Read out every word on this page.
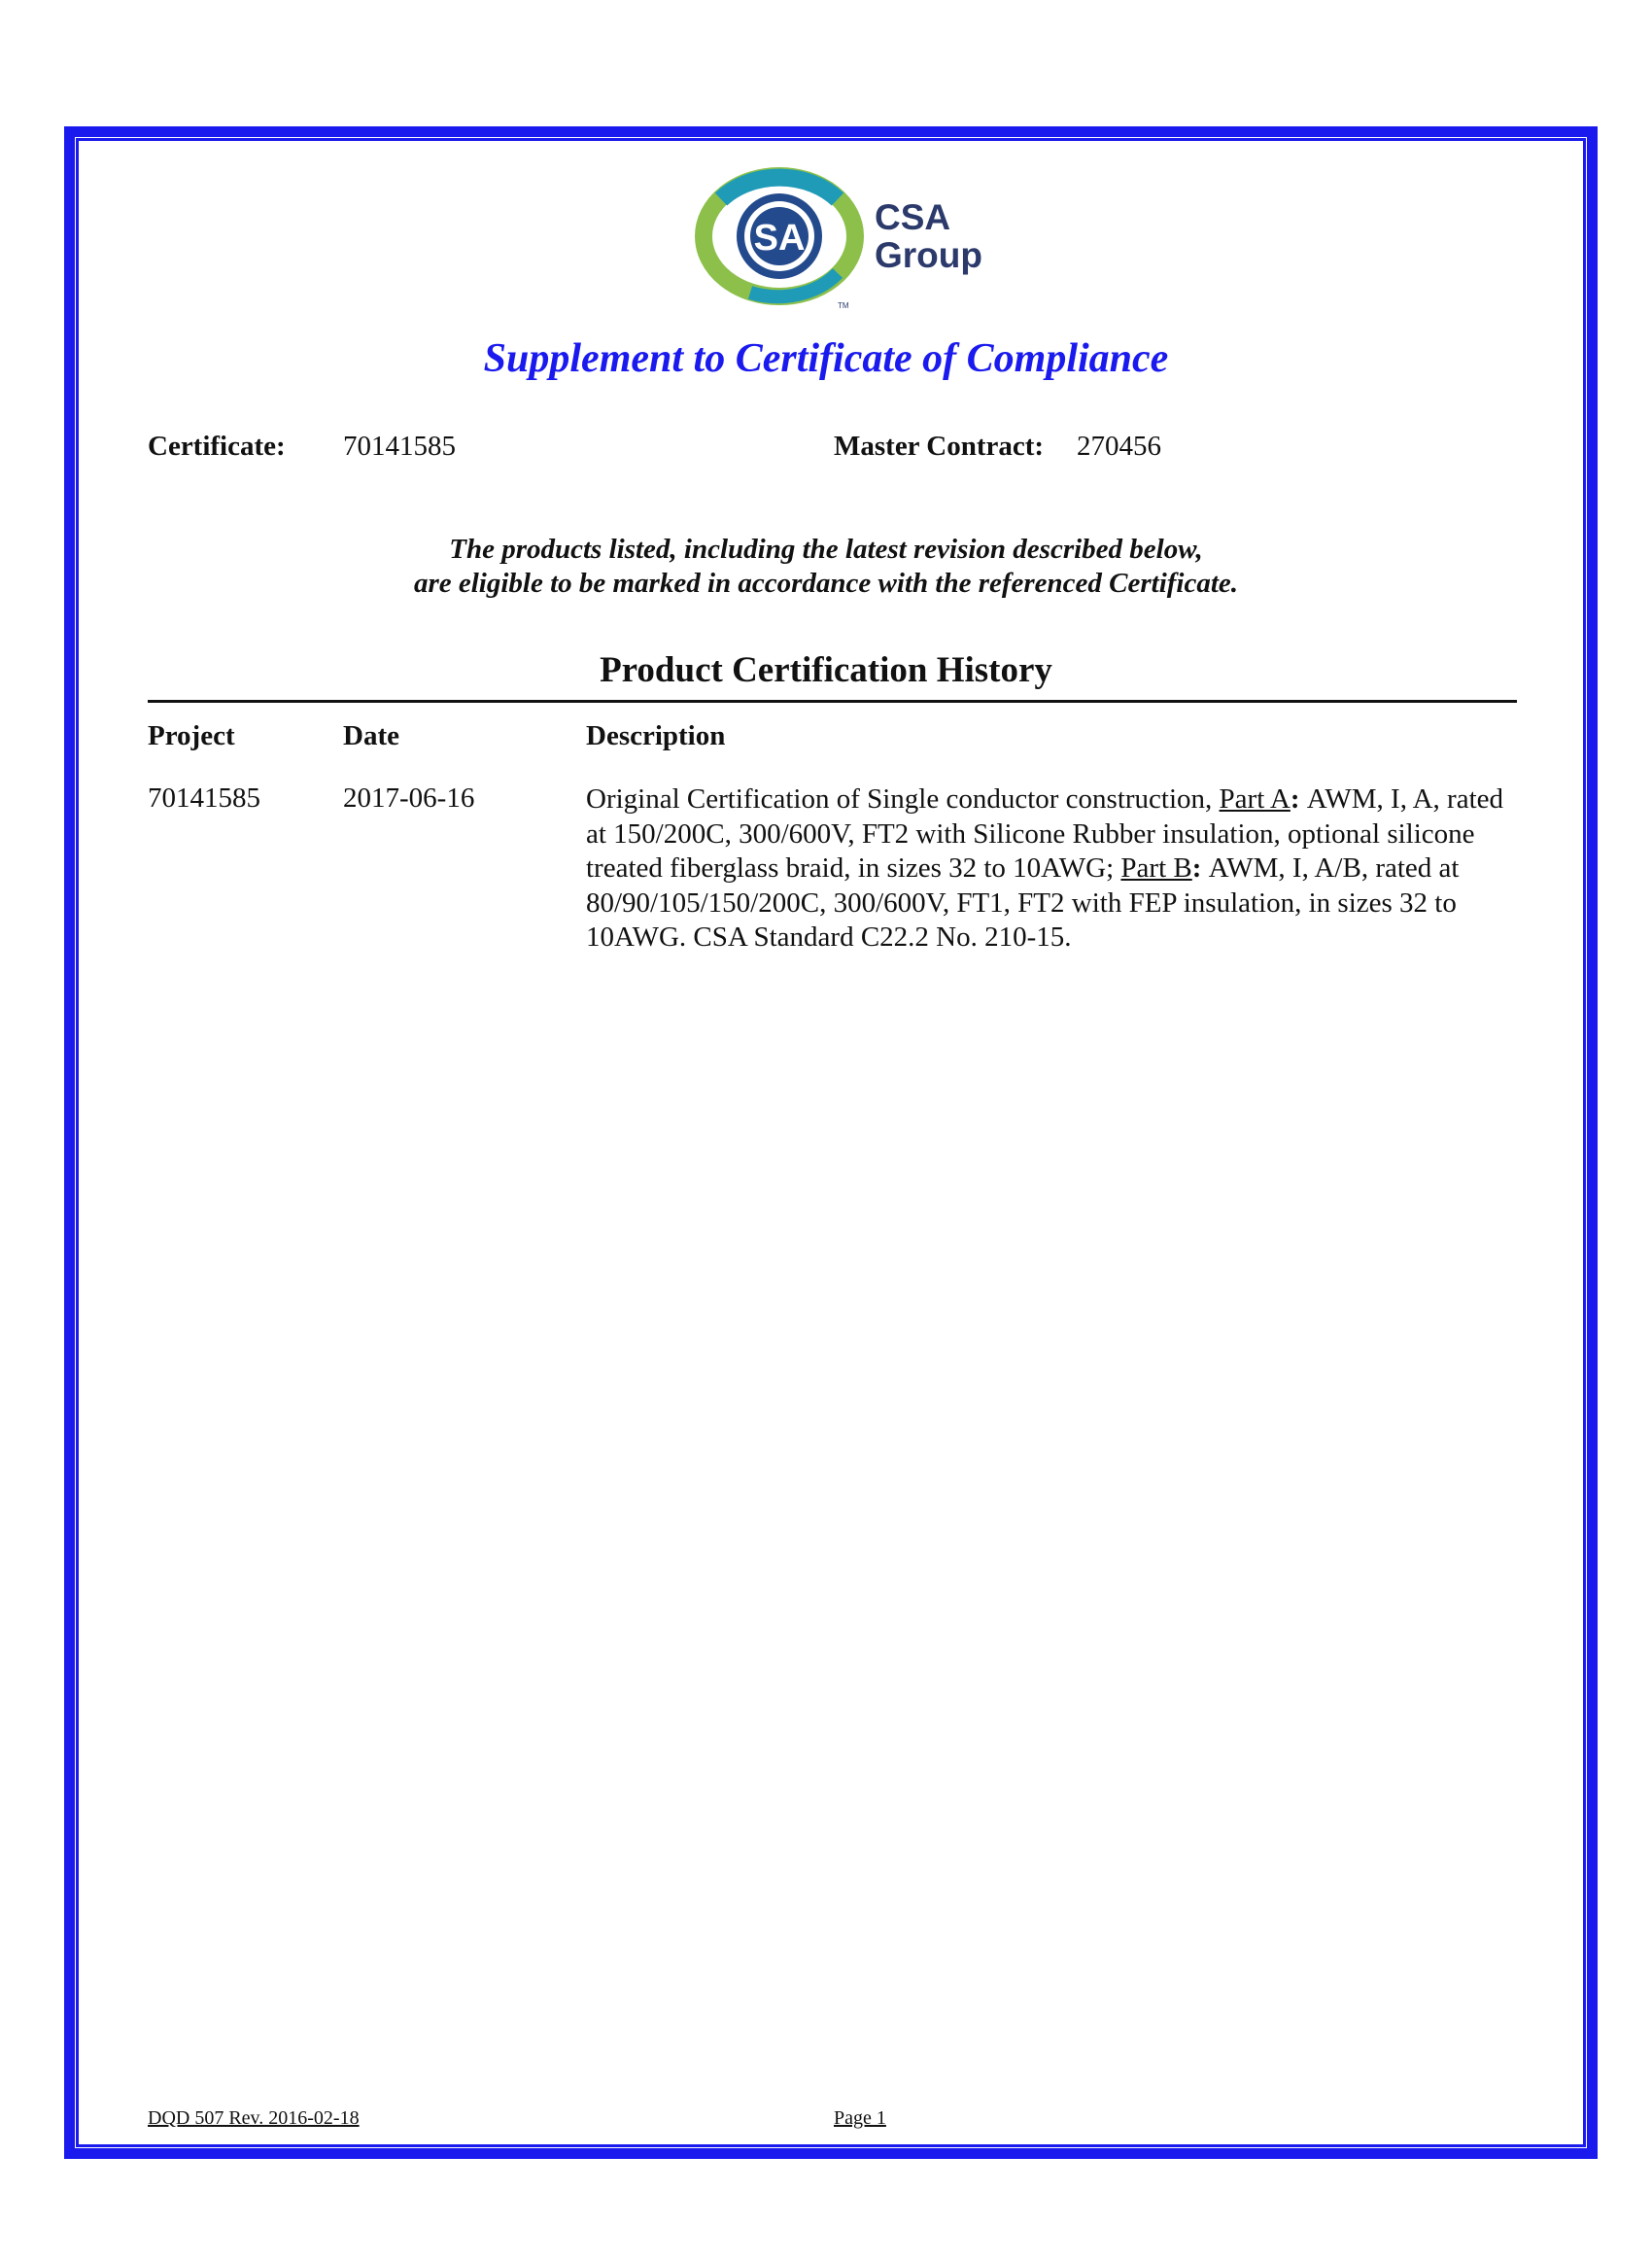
SA
TM
CSA
Group
Supplement to Certificate of Compliance
Certificate: 70141585	Master Contract: 270456
The products listed, including the latest revision described below,
are eligible to be marked in accordance with the referenced Certificate.
Product Certification History
Project	Date	Description
70141585	2017-06-16	Original Certification of Single conductor construction, Part A: AWM, I, A, rated at 150/200C, 300/600V, FT2 with Silicone Rubber insulation, optional silicone treated fiberglass braid, in sizes 32 to 10AWG; Part B: AWM, I, A/B, rated at 80/90/105/150/200C, 300/600V, FT1, FT2 with FEP insulation, in sizes 32 to 10AWG. CSA Standard C22.2 No. 210-15.
DQD 507 Rev. 2016-02-18	Page 1
